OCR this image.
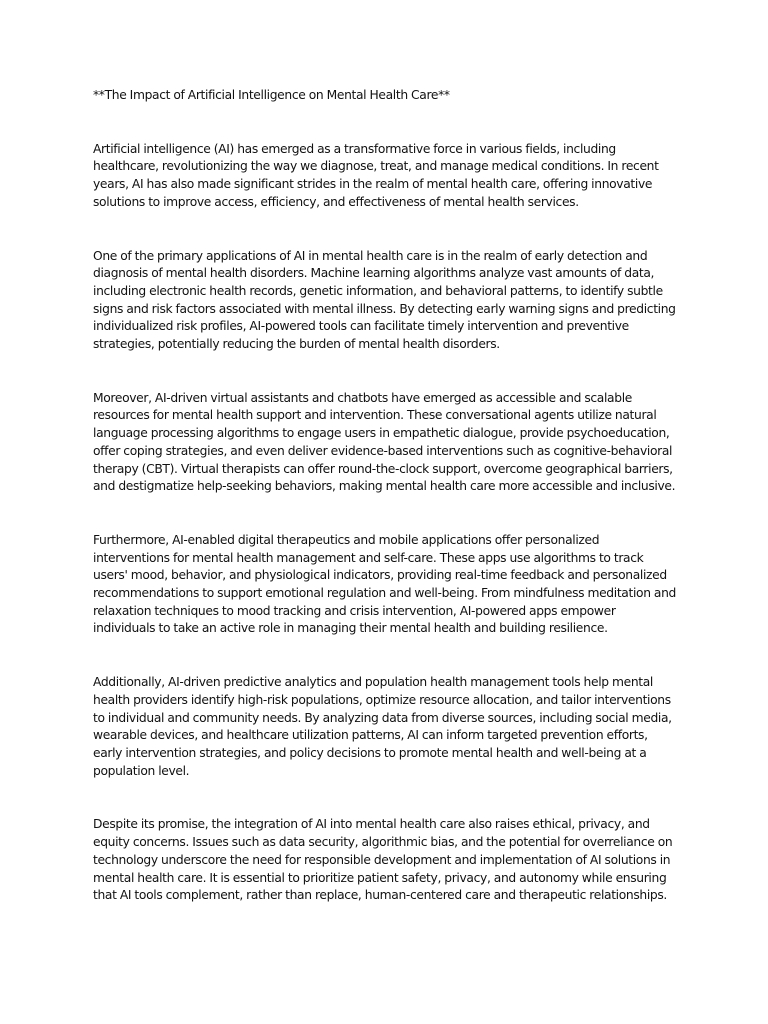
**The Impact of Artificial Intelligence on Mental Health Care**

Artificial intelligence (AI) has emerged as a transformative force in various fields, including healthcare, revolutionizing the way we diagnose, treat, and manage medical conditions. In recent years, AI has also made significant strides in the realm of mental health care, offering innovative solutions to improve access, efficiency, and effectiveness of mental health services.

One of the primary applications of AI in mental health care is in the realm of early detection and diagnosis of mental health disorders. Machine learning algorithms analyze vast amounts of data, including electronic health records, genetic information, and behavioral patterns, to identify subtle signs and risk factors associated with mental illness. By detecting early warning signs and predicting individualized risk profiles, AI-powered tools can facilitate timely intervention and preventive strategies, potentially reducing the burden of mental health disorders.

Moreover, AI-driven virtual assistants and chatbots have emerged as accessible and scalable resources for mental health support and intervention. These conversational agents utilize natural language processing algorithms to engage users in empathetic dialogue, provide psychoeducation, offer coping strategies, and even deliver evidence-based interventions such as cognitive-behavioral therapy (CBT). Virtual therapists can offer round-the-clock support, overcome geographical barriers, and destigmatize help-seeking behaviors, making mental health care more accessible and inclusive.

Furthermore, AI-enabled digital therapeutics and mobile applications offer personalized interventions for mental health management and self-care. These apps use algorithms to track users' mood, behavior, and physiological indicators, providing real-time feedback and personalized recommendations to support emotional regulation and well-being. From mindfulness meditation and relaxation techniques to mood tracking and crisis intervention, AI-powered apps empower individuals to take an active role in managing their mental health and building resilience.

Additionally, AI-driven predictive analytics and population health management tools help mental health providers identify high-risk populations, optimize resource allocation, and tailor interventions to individual and community needs. By analyzing data from diverse sources, including social media, wearable devices, and healthcare utilization patterns, AI can inform targeted prevention efforts, early intervention strategies, and policy decisions to promote mental health and well-being at a population level.

Despite its promise, the integration of AI into mental health care also raises ethical, privacy, and equity concerns. Issues such as data security, algorithmic bias, and the potential for overreliance on technology underscore the need for responsible development and implementation of AI solutions in mental health care. It is essential to prioritize patient safety, privacy, and autonomy while ensuring that AI tools complement, rather than replace, human-centered care and therapeutic relationships.
